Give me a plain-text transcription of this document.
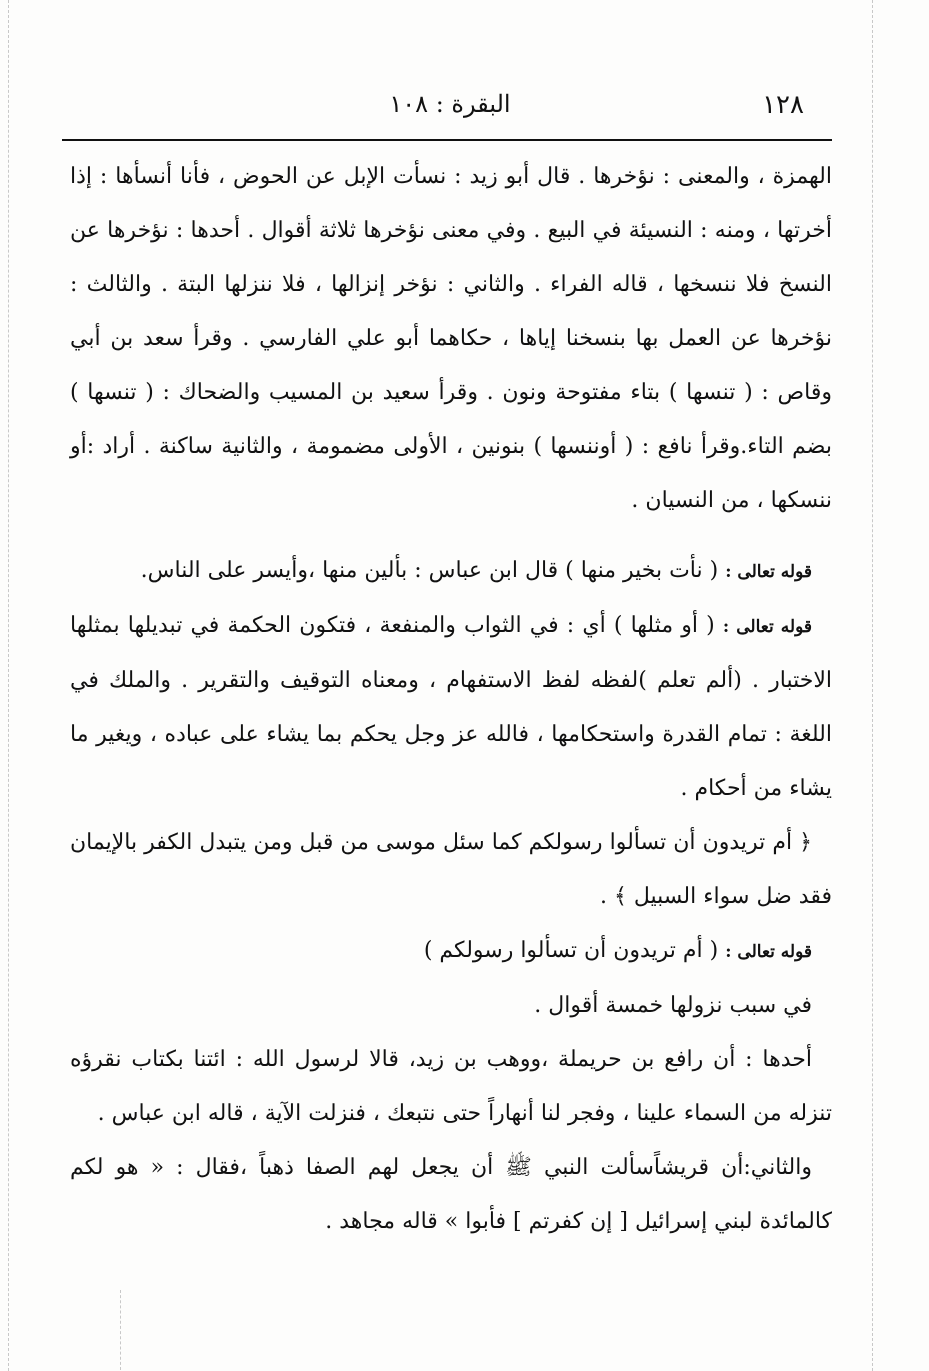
١٢٨
البقرة : ١٠٨

الهمزة ، والمعنى : نؤخرها . قال أبو زيد : نسأت الإبل عن الحوض ، فأنا أنسأها : إذا أخرتها ، ومنه : النسيئة في البيع . وفي معنى نؤخرها ثلاثة أقوال . أحدها : نؤخرها عن النسخ فلا ننسخها ، قاله الفراء . والثاني : نؤخر إنزالها ، فلا ننزلها البتة . والثالث : نؤخرها عن العمل بها بنسخنا إياها ، حكاهما أبو علي الفارسي . وقرأ سعد بن أبي وقاص : ( تنسها ) بتاء مفتوحة ونون . وقرأ سعيد بن المسيب والضحاك : ( تنسها ) بضم التاء.وقرأ نافع : ( أوننسها ) بنونين ، الأولى مضمومة ، والثانية ساكنة . أراد :أو ننسكها ، من النسيان .

قوله تعالى : ( نأت بخير منها ) قال ابن عباس : بألين منها ،وأيسر على الناس.

قوله تعالى : ( أو مثلها ) أي : في الثواب والمنفعة ، فتكون الحكمة في تبديلها بمثلها الاختبار . (ألم تعلم )لفظه لفظ الاستفهام ، ومعناه التوقيف والتقرير . والملك في اللغة : تمام القدرة واستحكامها ، فالله عز وجل يحكم بما يشاء على عباده ، ويغير ما يشاء من أحكام .

﴿ أم تريدون أن تسألوا رسولكم كما سئل موسى من قبل ومن يتبدل الكفر بالإيمان فقد ضل سواء السبيل ﴾ .

قوله تعالى : ( أم تريدون أن تسألوا رسولكم )

في سبب نزولها خمسة أقوال .

أحدها : أن رافع بن حريملة ،ووهب بن زيد، قالا لرسول الله : ائتنا بكتاب نقرؤه تنزله من السماء علينا ، وفجر لنا أنهاراً حتى نتبعك ، فنزلت الآية ، قاله ابن عباس .

والثاني:أن قريشاًسألت النبي ﷺ أن يجعل لهم الصفا ذهباً ،فقال : « هو لكم كالمائدة لبني إسرائيل [ إن كفرتم ] فأبوا » قاله مجاهد .
